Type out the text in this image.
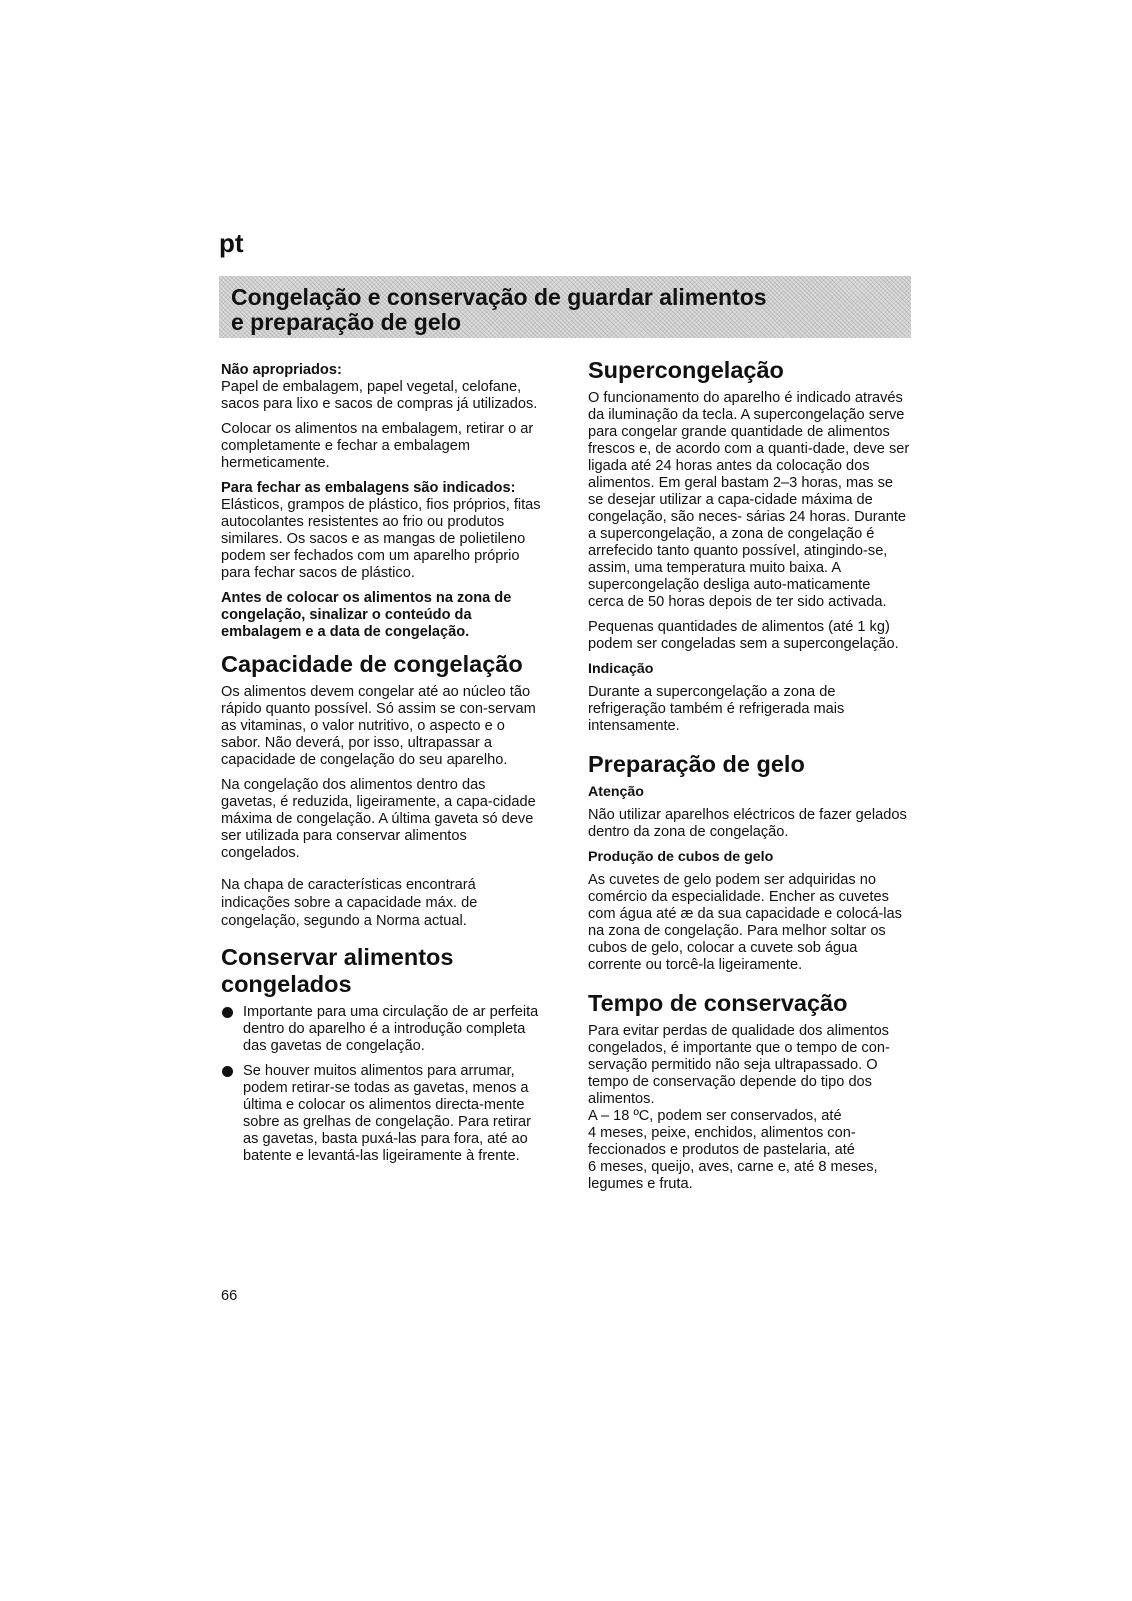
pt
Congelação e conservação de guardar alimentos
e preparação de gelo

Não apropriados:

Papel de embalagem, papel vegetal, celofane, sacos para lixo e sacos de compras já utilizados.

Colocar os alimentos na embalagem, retirar o ar completamente e fechar a embalagem hermeticamente.

Para fechar as embalagens são indicados:

Elásticos, grampos de plástico, fios próprios, fitas autocolantes resistentes ao frio ou produtos similares. Os sacos e as mangas de polietileno podem ser fechados com um aparelho próprio para fechar sacos de plástico.

Antes de colocar os alimentos na zona de congelação, sinalizar o conteúdo da embalagem e a data de congelação.

Capacidade de congelação

Os alimentos devem congelar até ao núcleo tão rápido quanto possível. Só assim se con-servam as vitaminas, o valor nutritivo, o aspecto e o sabor. Não deverá, por isso, ultrapassar a capacidade de congelação do seu aparelho.

Na congelação dos alimentos dentro das gavetas, é reduzida, ligeiramente, a capa-cidade máxima de congelação. A última gaveta só deve ser utilizada para conservar alimentos congelados.

Na chapa de características encontrará indicações sobre a capacidade máx. de congelação, segundo a Norma actual.

Conservar alimentos congelados

Importante para uma circulação de ar perfeita dentro do aparelho é a introdução completa das gavetas de congelação.

Se houver muitos alimentos para arrumar, podem retirar-se todas as gavetas, menos a última e colocar os alimentos directa-mente sobre as grelhas de congelação. Para retirar as gavetas, basta puxá-las para fora, até ao batente e levantá-las ligeiramente à frente.

Supercongelação

O funcionamento do aparelho é indicado através da iluminação da tecla. A supercongelação serve para congelar grande quantidade de alimentos frescos e, de acordo com a quanti-dade, deve ser ligada até 24 horas antes da colocação dos alimentos. Em geral bastam 2–3 horas, mas se se desejar utilizar a capa-cidade máxima de congelação, são neces- sárias 24 horas. Durante a supercongelação, a zona de congelação é arrefecido tanto quanto possível, atingindo-se, assim, uma temperatura muito baixa. A supercongelação desliga auto-maticamente cerca de 50 horas depois de ter sido activada.

Pequenas quantidades de alimentos (até 1 kg) podem ser congeladas sem a supercongelação.

Indicação

Durante a supercongelação a zona de refrigeração também é refrigerada mais intensamente.

Preparação de gelo
Atenção

Não utilizar aparelhos eléctricos de fazer gelados dentro da zona de congelação.

Produção de cubos de gelo

As cuvetes de gelo podem ser adquiridas no comércio da especialidade. Encher as cuvetes com água até æ da sua capacidade e colocá-las na zona de congelação. Para melhor soltar os cubos de gelo, colocar a cuvete sob água corrente ou torcê-la ligeiramente.

Tempo de conservação

Para evitar perdas de qualidade dos alimentos congelados, é importante que o tempo de con- servação permitido não seja ultrapassado. O tempo de conservação depende do tipo dos alimentos.

A – 18 ºC, podem ser conservados, até

4 meses, peixe, enchidos, alimentos con-feccionados e produtos de pastelaria, até

6 meses, queijo, aves, carne e, até 8 meses, legumes e fruta.

66
